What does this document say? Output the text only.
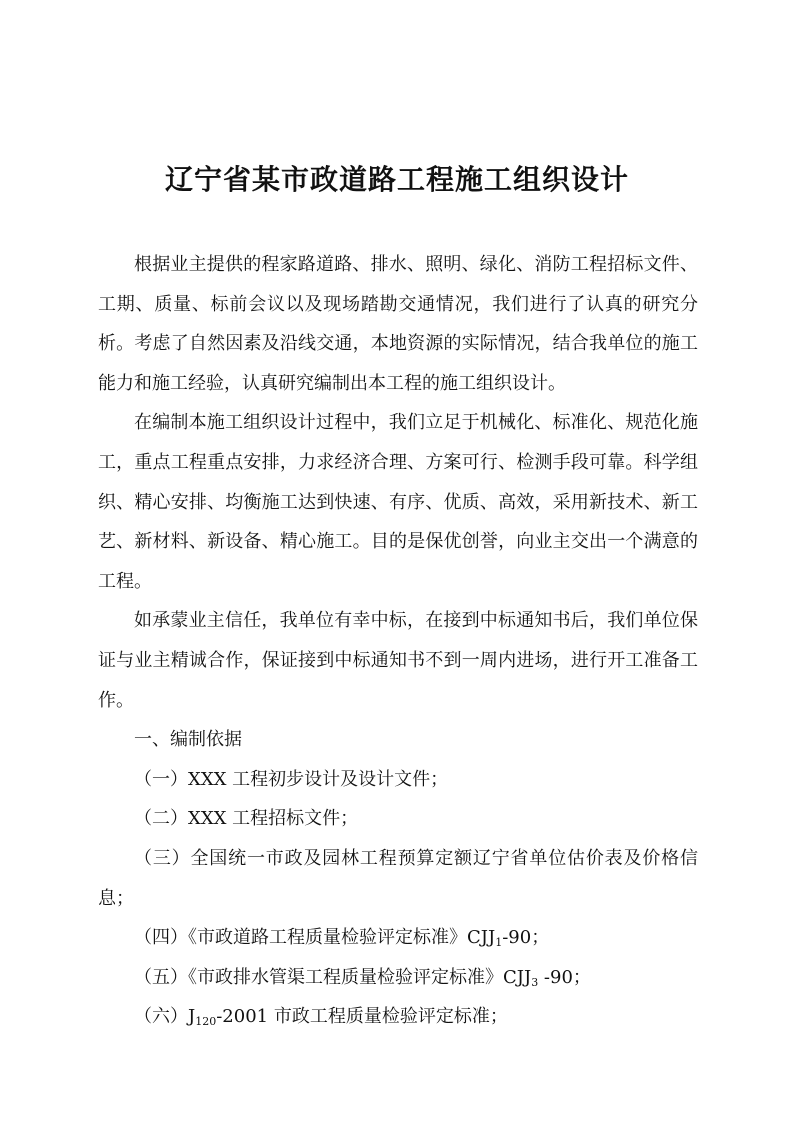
辽宁省某市政道路工程施工组织设计

根据业主提供的程家路道路、排水、照明、绿化、消防工程招标文件、工期、质量、标前会议以及现场踏勘交通情况，我们进行了认真的研究分析。考虑了自然因素及沿线交通，本地资源的实际情况，结合我单位的施工能力和施工经验，认真研究编制出本工程的施工组织设计。

在编制本施工组织设计过程中，我们立足于机械化、标准化、规范化施工，重点工程重点安排，力求经济合理、方案可行、检测手段可靠。科学组织、精心安排、均衡施工达到快速、有序、优质、高效，采用新技术、新工艺、新材料、新设备、精心施工。目的是保优创誉，向业主交出一个满意的工程。

如承蒙业主信任，我单位有幸中标，在接到中标通知书后，我们单位保证与业主精诚合作，保证接到中标通知书不到一周内进场，进行开工准备工作。

一、编制依据

（一）XXX 工程初步设计及设计文件；

（二）XXX 工程招标文件；

（三）全国统一市政及园林工程预算定额辽宁省单位估价表及价格信息；

（四）《市政道路工程质量检验评定标准》$CJJ_1-90$；

（五）《市政排水管渠工程质量检验评定标准》$CJJ_3$ -90；

（六）$J_{120}-2001$ 市政工程质量检验评定标准；
